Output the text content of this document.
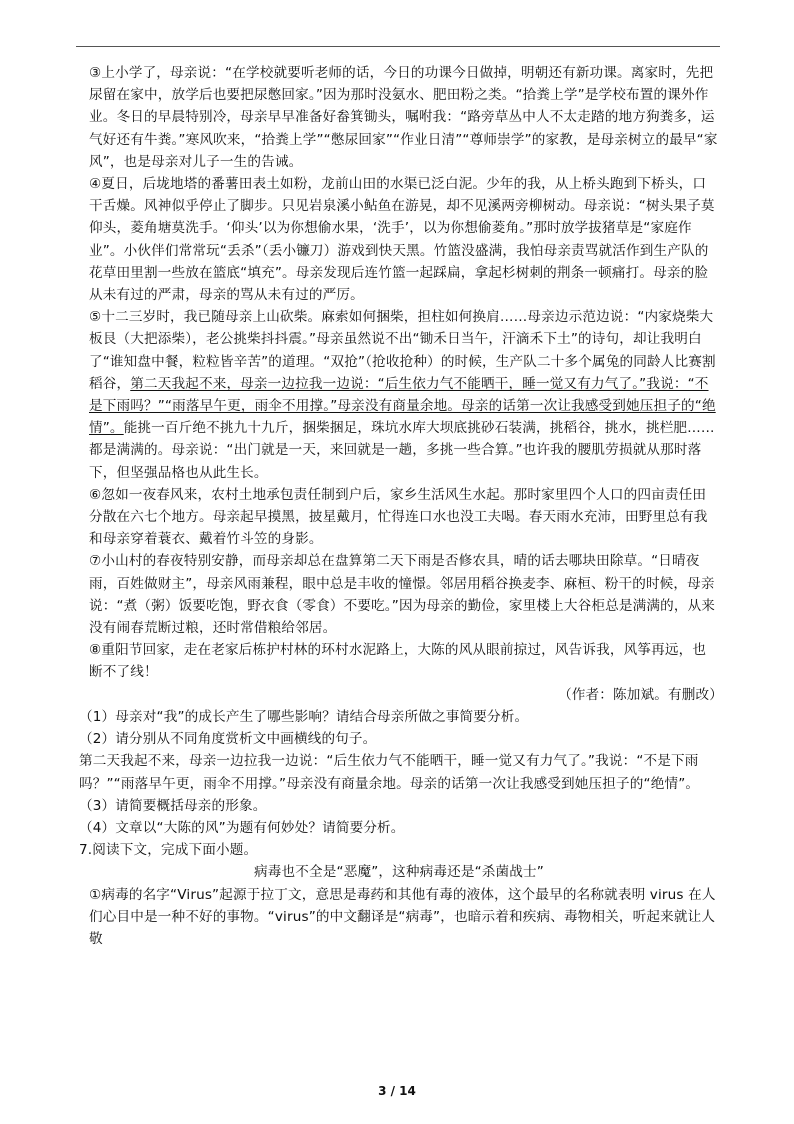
③上小学了，母亲说：“在学校就要听老师的话，今日的功课今日做掉，明朝还有新功课。离家时，先把尿留在家中，放学后也要把尿憋回家。”因为那时没氨水、肥田粉之类。“拾粪上学”是学校布置的课外作业。冬日的早晨特别冷，母亲早早准备好畚箕锄头，嘱咐我：“路旁草丛中人不太走踏的地方狗粪多，运气好还有牛粪。”寒风吹来，“拾粪上学”“憋尿回家”“作业日清”“尊师崇学”的家教，是母亲树立的最早“家风”，也是母亲对儿子一生的告诫。

④夏日，后垅地塔的番薯田表土如粉，龙前山田的水渠已泛白泥。少年的我，从上桥头跑到下桥头，口干舌燥。风神似乎停止了脚步。只见岩泉溪小鲇鱼在游晃，却不见溪两旁柳树动。母亲说：“树头果子莫仰头，菱角塘莫洗手。‘仰头’以为你想偷水果，‘洗手’，以为你想偷菱角。”那时放学拔猪草是“家庭作业”。小伙伴们常常玩“丢杀”（丢小镰刀）游戏到快天黑。竹篮没盛满，我怕母亲责骂就活作到生产队的花草田里割一些放在篮底“填充”。母亲发现后连竹篮一起踩扁，拿起杉树刺的荆条一顿痛打。母亲的脸从未有过的严肃，母亲的骂从未有过的严厉。

⑤十二三岁时，我已随母亲上山砍柴。麻索如何捆柴，担柱如何换肩……母亲边示范边说：“内家烧柴大板艮（大把添柴），老公挑柴抖抖震。”母亲虽然说不出“锄禾日当午，汗滴禾下土”的诗句，却让我明白了“谁知盘中餐，粒粒皆辛苦”的道理。“双抢”（抢收抢种）的时候，生产队二十多个属兔的同龄人比赛割稻谷，第二天我起不来，母亲一边拉我一边说：“后生依力气不能晒干，睡一觉又有力气了。”我说：“不是下雨吗？”“雨落早午更，雨伞不用撑。”母亲没有商量余地。母亲的话第一次让我感受到她压担子的“绝情”。能挑一百斤绝不挑九十九斤，捆柴捆足，珠坑水库大坝底挑砂石装满，挑稻谷，挑水，挑栏肥……都是满满的。母亲说：“出门就是一天，来回就是一趟，多挑一些合算。”也许我的腰肌劳损就从那时落下，但坚强品格也从此生长。

⑥忽如一夜春风来，农村土地承包责任制到户后，家乡生活风生水起。那时家里四个人口的四亩责任田分散在六七个地方。母亲起早摸黑，披星戴月，忙得连口水也没工夫喝。春天雨水充沛，田野里总有我和母亲穿着蓑衣、戴着竹斗笠的身影。

⑦小山村的春夜特别安静，而母亲却总在盘算第二天下雨是否修农具，晴的话去哪块田除草。“日晴夜雨，百姓做财主”，母亲风雨兼程，眼中总是丰收的憧憬。邻居用稻谷换麦李、麻桓、粉干的时候，母亲说：“煮（粥）饭要吃饱，野衣食（零食）不要吃。”因为母亲的勤俭，家里楼上大谷柜总是满满的，从来没有闹春荒断过粮，还时常借粮给邻居。

⑧重阳节回家，走在老家后栋护村林的环村水泥路上，大陈的风从眼前掠过，风告诉我，风筝再远，也断不了线！

（作者：陈加斌。有删改）

（1）母亲对“我”的成长产生了哪些影响？请结合母亲所做之事简要分析。

（2）请分别从不同角度赏析文中画横线的句子。

第二天我起不来，母亲一边拉我一边说：“后生依力气不能晒干，睡一觉又有力气了。”我说：“不是下雨吗？”“雨落早午更，雨伞不用撑。”母亲没有商量余地。母亲的话第一次让我感受到她压担子的“绝情”。

（3）请简要概括母亲的形象。

（4）文章以“大陈的风”为题有何妙处？请简要分析。

7.阅读下文，完成下面小题。

病毒也不全是“恶魔”，这种病毒还是“杀菌战士”

①病毒的名字“Virus”起源于拉丁文，意思是毒药和其他有毒的液体，这个最早的名称就表明 virus 在人们心目中是一种不好的事物。“virus”的中文翻译是“病毒”，也暗示着和疾病、毒物相关，听起来就让人敬

3 / 14
